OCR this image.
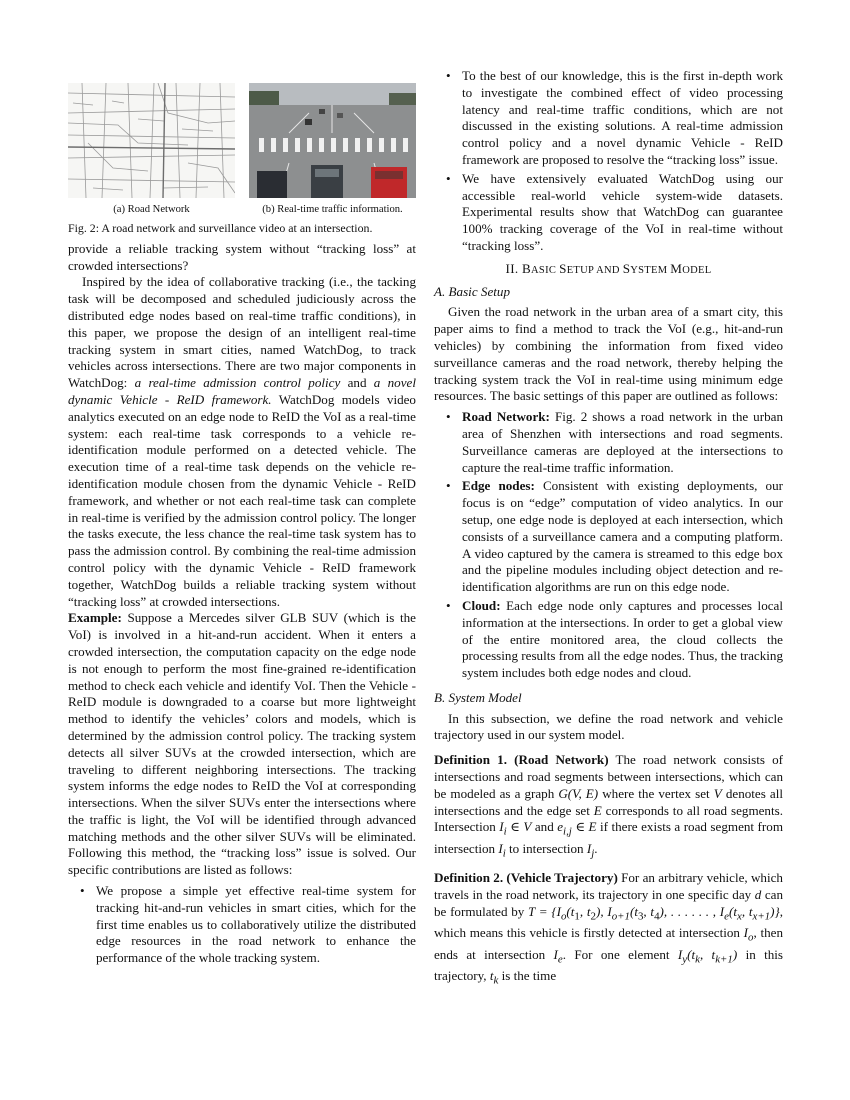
(a) Road Network	(b) Real-time traffic information.

Fig. 2: A road network and surveillance video at an intersection.

provide a reliable tracking system without “tracking loss” at crowded intersections?

Inspired by the idea of collaborative tracking (i.e., the tacking task will be decomposed and scheduled judiciously across the distributed edge nodes based on real-time traffic conditions), in this paper, we propose the design of an intelligent real-time tracking system in smart cities, named WatchDog, to track vehicles across intersections. There are two major components in WatchDog: a real-time admission control policy and a novel dynamic Vehicle - ReID framework. WatchDog models video analytics executed on an edge node to ReID the VoI as a real-time system: each real-time task corresponds to a vehicle re-identification module performed on a detected vehicle. The execution time of a real-time task depends on the vehicle re-identification module chosen from the dynamic Vehicle - ReID framework, and whether or not each real-time task can complete in real-time is verified by the admission control policy. The longer the tasks execute, the less chance the real-time task system has to pass the admission control. By combining the real-time admission control policy with the dynamic Vehicle - ReID framework together, WatchDog builds a reliable tracking system without “tracking loss” at crowded intersections.

Example: Suppose a Mercedes silver GLB SUV (which is the VoI) is involved in a hit-and-run accident. When it enters a crowded intersection, the computation capacity on the edge node is not enough to perform the most fine-grained re-identification method to check each vehicle and identify VoI. Then the Vehicle - ReID module is downgraded to a coarse but more lightweight method to identify the vehicles’ colors and models, which is determined by the admission control policy. The tracking system detects all silver SUVs at the crowded intersection, which are traveling to different neighboring intersections. The tracking system informs the edge nodes to ReID the VoI at corresponding intersections. When the silver SUVs enter the intersections where the traffic is light, the VoI will be identified through advanced matching methods and the other silver SUVs will be eliminated. Following this method, the “tracking loss” issue is solved. Our specific contributions are listed as follows:

• We propose a simple yet effective real-time system for tracking hit-and-run vehicles in smart cities, which for the first time enables us to collaboratively utilize the distributed edge resources in the road network to enhance the performance of the whole tracking system.
• To the best of our knowledge, this is the first in-depth work to investigate the combined effect of video processing latency and real-time traffic conditions, which are not discussed in the existing solutions. A real-time admission control policy and a novel dynamic Vehicle - ReID framework are proposed to resolve the “tracking loss” issue.
• We have extensively evaluated WatchDog using our accessible real-world vehicle system-wide datasets. Experimental results show that WatchDog can guarantee 100% tracking coverage of the VoI in real-time without “tracking loss”.
II. BASIC SETUP AND SYSTEM MODEL
A. Basic Setup

Given the road network in the urban area of a smart city, this paper aims to find a method to track the VoI (e.g., hit-and-run vehicles) by combining the information from fixed video surveillance cameras and the road network, thereby helping the tracking system track the VoI in real-time using minimum edge resources. The basic settings of this paper are outlined as follows:

• Road Network: Fig. 2 shows a road network in the urban area of Shenzhen with intersections and road segments. Surveillance cameras are deployed at the intersections to capture the real-time traffic information.
• Edge nodes: Consistent with existing deployments, our focus is on “edge” computation of video analytics. In our setup, one edge node is deployed at each intersection, which consists of a surveillance camera and a computing platform. A video captured by the camera is streamed to this edge box and the pipeline modules including object detection and re-identification algorithms are run on this edge node.
• Cloud: Each edge node only captures and processes local information at the intersections. In order to get a global view of the entire monitored area, the cloud collects the processing results from all the edge nodes. Thus, the tracking system includes both edge nodes and cloud.
B. System Model

In this subsection, we define the road network and vehicle trajectory used in our system model.

Definition 1. (Road Network) The road network consists of intersections and road segments between intersections, which can be modeled as a graph G(V, E) where the vertex set V denotes all intersections and the edge set E corresponds to all road segments. Intersection $I_i$ ∈ V and $e_{i,j}$ ∈ E if there exists a road segment from intersection $I_i$ to intersection $I_j$.

Definition 2. (Vehicle Trajectory) For an arbitrary vehicle, which travels in the road network, its trajectory in one specific day d can be formulated by $T = \{I_o(t_1$, $t_2$), $I_{o+1}(t_3$, $t_4$), . . . . . . , $I_e(t_x$, $t_{x+1}$)}, which means this vehicle is firstly detected at intersection $I_o$, then ends at intersection $I_e$. For one element $I_y(t_k$, $t_{k+1}$) in this trajectory, $t_k$ is the time
